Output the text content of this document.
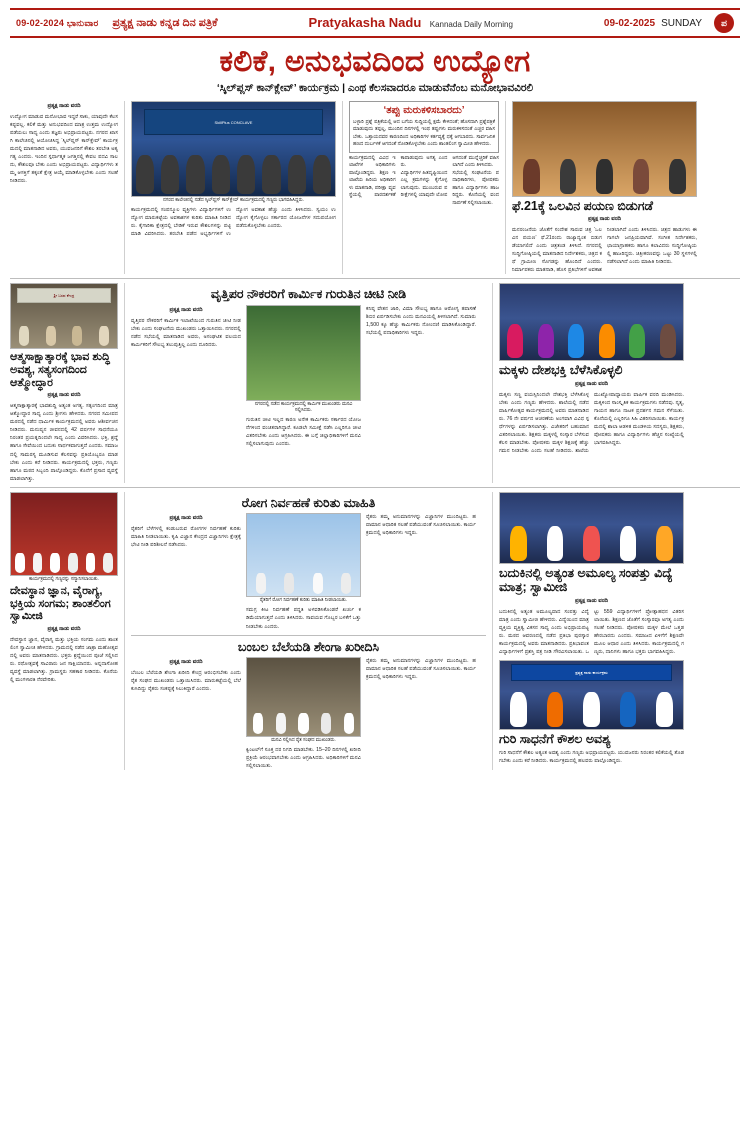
09-02-2024 ಭಾನುವಾರ ಪ್ರತ್ಯಕ್ಷ ನಾಡು ಕನ್ನಡ ದಿನ ಪತ್ರಿಕೆ	Pratyakasha Nadu Kannada Daily Morning	09-02-2025 SUNDAY	ಪ
ಕಲಿಕೆ, ಅನುಭವದಿಂದ ಉದ್ಯೋಗ
‘ಸ್ಕಿಲ್‌ಪ್ಲಸ್‌ ಕಾನ್‌ಕ್ಲೇವ್’ ಕಾರ್ಯಕ್ರಮ | ಎಂಥ ಕೆಲಸವಾದರೂ ಮಾಡುವೆನೆಂಬ ಮನೋಭಾವವಿರಲಿ
ಪ್ರತ್ಯಕ್ಷ ನಾಡು ವರದಿ
ಉದ್ಯೋಗ ಮಾಡುವ ಮನೋಭಾವ ಇದ್ದರೆ ಸಾಕು, ಯಾವುದೇ ಕೆಲಸ ಕಷ್ಟವಲ್ಲ. ಕಲಿಕೆ ಮತ್ತು ಅನುಭವದಿಂದ ಮಾತ್ರ ಉತ್ತಮ ಉದ್ಯೋಗ ಪಡೆಯಲು ಸಾಧ್ಯ ಎಂದು ತಜ್ಞರು ಅಭಿಪ್ರಾಯಪಟ್ಟರು. ನಗರದ ಖಾಸಗಿ ಕಾಲೇಜಿನಲ್ಲಿ ಆಯೋಜಿಸಿದ್ದ ‘ಸ್ಕಿಲ್‌ಪ್ಲಸ್ ಕಾನ್‌ಕ್ಲೇವ್’ ಕಾರ್ಯಕ್ರಮದಲ್ಲಿ ಮಾತನಾಡಿದ ಅವರು, ಯುವಜನರಿಗೆ ಕೌಶಲ ತರಬೇತಿ ಅತ್ಯಗತ್ಯ ಎಂದರು. ಇಂದಿನ ಸ್ಪರ್ಧಾತ್ಮಕ ಜಗತ್ತಿನಲ್ಲಿ ಕೇವಲ ಪದವಿ ಸಾಲದು, ಕೌಶಲವೂ ಬೇಕು ಎಂದು ಅಭಿಪ್ರಾಯಪಟ್ಟರು. ವಿದ್ಯಾರ್ಥಿಗಳು ತಮ್ಮ ಆಸಕ್ತಿಗೆ ತಕ್ಕಂತೆ ಕ್ಷೇತ್ರ ಆಯ್ಕೆ ಮಾಡಿಕೊಳ್ಳಬೇಕು ಎಂದು ಸಲಹೆ ನೀಡಿದರು.
SkillPlus CONCLAVE
ನಗರದ ಕಾಲೇಜಿನಲ್ಲಿ ನಡೆದ ಸ್ಕಿಲ್‌ಪ್ಲಸ್ ಕಾನ್‌ಕ್ಲೇವ್ ಕಾರ್ಯಕ್ರಮದಲ್ಲಿ ಗಣ್ಯರು ಭಾಗವಹಿಸಿದ್ದರು.
ಕಾರ್ಯಕ್ರಮದಲ್ಲಿ ಸಂಪನ್ಮೂಲ ವ್ಯಕ್ತಿಗಳು ವಿದ್ಯಾರ್ಥಿಗಳಿಗೆ ಉದ್ಯೋಗ ಮಾರುಕಟ್ಟೆಯ ಅವಕಾಶಗಳ ಕುರಿತು ಮಾಹಿತಿ ನೀಡಿದರು. ಕೈಗಾರಿಕಾ ಕ್ಷೇತ್ರದಲ್ಲಿ ಬೇಡಿಕೆ ಇರುವ ಕೌಶಲಗಳನ್ನು ಪಟ್ಟಿ ಮಾಡಿ ವಿವರಿಸಿದರು. ತರಬೇತಿ ಪಡೆದ ಅಭ್ಯರ್ಥಿಗಳಿಗೆ ಉದ್ಯೋಗ ಅವಕಾಶ ಹೆಚ್ಚು ಎಂದು ತಿಳಿಸಿದರು. ಸ್ವಯಂ ಉದ್ಯೋಗ ಕೈಗೊಳ್ಳಲು ಸರ್ಕಾರದ ಯೋಜನೆಗಳ ಸದುಪಯೋಗ ಪಡೆದುಕೊಳ್ಳಬೇಕು ಎಂದರು.
‘ತಪ್ಪು ಮರುಕಳಿಸಬಾರದು’
ಬಳ್ಳಾರಿ ಪ್ರಶ್ನೆ ಪತ್ರಿಕೆಯಲ್ಲಿ ಆದ ಬಗೆಯ ಸುದ್ದಿಯಲ್ಲಿ ಕ್ಷಮೆ ಕೇಳಿದಂತೆ; ಹೊಸದಾಗಿ ಪ್ರಶ್ನೆಪತ್ರಿಕೆ ಮಾಡುವುದು ತಪ್ಪಲ್ಲ, ಮುಂದಿನ ದಿನಗಳಲ್ಲಿ ಇಂಥ ತಪ್ಪುಗಳು ಮರುಕಳಿಸದಂತೆ ಎಚ್ಚರ ವಹಿಸಬೇಕು. ಒತ್ತಾಯದವರ ಕಾರಣದಿಂದ ಅಧಿಕಾರಿಗಳ ಕರ್ತವ್ಯಕ್ಕೆ ಧಕ್ಕೆ ಆಗಬಾರದು. ಸಾರ್ವಜನಿಕ ಹಣದ ದುರ್ಬಳಕೆ ಆಗದಂತೆ ನೋಡಿಕೊಳ್ಳಬೇಕು ಎಂದು ಶಾಂತಲಿಂಗ ಸ್ವಾಮೀಜಿ ಹೇಳಿದರು.
ಕಾರ್ಯಕ್ರಮದಲ್ಲಿ ವಿವಿಧ ಇಲಾಖೆಗಳ ಅಧಿಕಾರಿಗಳು ಪಾಲ್ಗೊಂಡಿದ್ದರು. ಶಿಕ್ಷಣ ಇಲಾಖೆಯ ಹಿರಿಯ ಅಧಿಕಾರಿಗಳು ಮಾತನಾಡಿ, ಪರೀಕ್ಷಾ ವ್ಯವಸ್ಥೆಯಲ್ಲಿ ಪಾರದರ್ಶಕತೆ ಕಾಪಾಡುವುದು ಅಗತ್ಯ ಎಂದರು.
ವಿದ್ಯಾರ್ಥಿಗಳ ಹಿತದೃಷ್ಟಿಯಿಂದ ಎಲ್ಲ ಕ್ರಮಗಳನ್ನು ಕೈಗೊಳ್ಳಲಾಗುವುದು. ಮುಂಬರುವ ಪರೀಕ್ಷೆಗಳಲ್ಲಿ ಯಾವುದೇ ಲೋಪ ಆಗದಂತೆ ಮುನ್ನೆಚ್ಚರಿಕೆ ವಹಿಸಲಾಗಿದೆ ಎಂದು ತಿಳಿಸಿದರು.
ಸಭೆಯಲ್ಲಿ ಸಂಘಟನೆಯ ಪದಾಧಿಕಾರಿಗಳು, ಪೋಷಕರು ಹಾಗೂ ವಿದ್ಯಾರ್ಥಿಗಳು ಹಾಜರಿದ್ದರು. ಕೊನೆಯಲ್ಲಿ ವಂದನಾರ್ಪಣೆ ಸಲ್ಲಿಸಲಾಯಿತು.	ಫೆ.21ಕ್ಕೆ ಒಲವಿನ ಪಯಣ ಬಿಡುಗಡೆ
ಪ್ರತ್ಯಕ್ಷ ನಾಡು ವರದಿ
ಮನರಂಜನೆಯ ಜೊತೆಗೆ ಸಂದೇಶ ಸಾರುವ ಚಿತ್ರ ‘ಒಲವಿನ ಪಯಣ’ ಫೆ.21ರಂದು ರಾಜ್ಯಾದ್ಯಂತ ಬಿಡುಗಡೆಯಾಗಲಿದೆ ಎಂದು ಚಿತ್ರತಂಡ ತಿಳಿಸಿದೆ. ನಗರದಲ್ಲಿ ಸುದ್ದಿಗೋಷ್ಠಿಯಲ್ಲಿ ಮಾತನಾಡಿದ ನಿರ್ದೇಶಕರು, ಚಿತ್ರದ ಕಥೆ ಗ್ರಾಮೀಣ ಸೊಗಡನ್ನು ಹೊಂದಿದೆ ಎಂದರು. ನಿರ್ಮಾಪಕರು ಮಾತನಾಡಿ, ಹೊಸ ಪ್ರತಿಭೆಗಳಿಗೆ ಅವಕಾಶ ನೀಡಲಾಗಿದೆ ಎಂದು ತಿಳಿಸಿದರು. ಚಿತ್ರದ ಹಾಡುಗಳು ಈಗಾಗಲೇ ಜನಪ್ರಿಯವಾಗಿವೆ. ಸಂಗೀತ ನಿರ್ದೇಶಕರು, ಛಾಯಾಗ್ರಾಹಕರು ಹಾಗೂ ಕಲಾವಿದರು ಸುದ್ದಿಗೋಷ್ಠಿಯಲ್ಲಿ ಹಾಜರಿದ್ದರು. ಚಿತ್ರೀಕರಣವನ್ನು ಒಟ್ಟು 30 ಸ್ಥಳಗಳಲ್ಲಿ ನಡೆಸಲಾಗಿದೆ ಎಂದು ಮಾಹಿತಿ ನೀಡಿದರು.
ಶ್ರೀ ಬಸವ ಕೇಂದ್ರ
ಆತ್ಮಸಾಕ್ಷಾತ್ಕಾರಕ್ಕೆ ಭಾವ ಶುದ್ಧಿ ಅವಶ್ಯ, ಸತ್ಯಸಂಗದಿಂದ ಆತ್ಮೋದ್ಧಾರ
ಪ್ರತ್ಯಕ್ಷ ನಾಡು ವರದಿ
ಆತ್ಮಸಾಕ್ಷಾತ್ಕಾರಕ್ಕೆ ಭಾವಶುದ್ಧಿ ಅತ್ಯಂತ ಅಗತ್ಯ. ಸತ್ಸಂಗದಿಂದ ಮಾತ್ರ ಆತ್ಮೋದ್ಧಾರ ಸಾಧ್ಯ ಎಂದು ಶ್ರೀಗಳು ಹೇಳಿದರು. ನಗರದ ಸಮೀಪದ ಮಠದಲ್ಲಿ ನಡೆದ ಧಾರ್ಮಿಕ ಕಾರ್ಯಕ್ರಮದಲ್ಲಿ ಅವರು ಆಶೀರ್ವಚನ ನೀಡಿದರು. ಮನುಷ್ಯನ ಜೀವನದಲ್ಲಿ 42 ವರ್ಷಗಳ ಸಾಧನೆಯೂ ನಿರಂತರ ಪ್ರಯತ್ನದಿಂದಲೇ ಸಾಧ್ಯ ಎಂದು ವಿವರಿಸಿದರು. ಭಕ್ತಿ, ಶ್ರದ್ಧೆ ಹಾಗೂ ಸೇವೆಯಿಂದ ಬದುಕು ಸಾರ್ಥಕವಾಗುತ್ತದೆ ಎಂದರು. ಸಮಾಜದಲ್ಲಿ ಸಾಮರಸ್ಯ ಮೂಡಿಸುವ ಕೆಲಸವನ್ನು ಪ್ರತಿಯೊಬ್ಬರೂ ಮಾಡಬೇಕು ಎಂದು ಕರೆ ನೀಡಿದರು. ಕಾರ್ಯಕ್ರಮದಲ್ಲಿ ಭಕ್ತರು, ಗಣ್ಯರು ಹಾಗೂ ಮಠದ ಸಿಬ್ಬಂದಿ ಪಾಲ್ಗೊಂಡಿದ್ದರು. ಕೊನೆಗೆ ಪ್ರಸಾದ ವ್ಯವಸ್ಥೆ ಮಾಡಲಾಗಿತ್ತು.
ವೃತ್ತಿಪರ ನೌಕರರಿಗೆ ಕಾರ್ಮಿಕ ಗುರುತಿನ ಚೀಟಿ ನೀಡಿ
ಪ್ರತ್ಯಕ್ಷ ನಾಡು ವರದಿ
ವೃತ್ತಿಪರ ನೌಕರರಿಗೆ ಕಾರ್ಮಿಕ ಇಲಾಖೆಯಿಂದ ಗುರುತಿನ ಚೀಟಿ ನೀಡಬೇಕು ಎಂದು ಸಂಘಟನೆಯ ಮುಖಂಡರು ಒತ್ತಾಯಿಸಿದರು. ನಗರದಲ್ಲಿ ನಡೆದ ಸಭೆಯಲ್ಲಿ ಮಾತನಾಡಿದ ಅವರು, ಅಸಂಘಟಿತ ವಲಯದ ಕಾರ್ಮಿಕರಿಗೆ ಸೌಲಭ್ಯ ತಲುಪುತ್ತಿಲ್ಲ ಎಂದು ದೂರಿದರು.
ನಗರದಲ್ಲಿ ನಡೆದ ಕಾರ್ಯಕ್ರಮದಲ್ಲಿ ಕಾರ್ಮಿಕ ಮುಖಂಡರು ಮನವಿ ಸಲ್ಲಿಸಿದರು.
ಗುರುತಿನ ಚೀಟಿ ಇಲ್ಲದ ಕಾರಣ ಅನೇಕ ಕಾರ್ಮಿಕರು ಸರ್ಕಾರದ ಯೋಜನೆಗಳಿಂದ ವಂಚಿತರಾಗಿದ್ದಾರೆ. ಕೂಡಲೇ ಸಮೀಕ್ಷೆ ನಡೆಸಿ ಎಲ್ಲರಿಗೂ ಚೀಟಿ ವಿತರಿಸಬೇಕು ಎಂದು ಆಗ್ರಹಿಸಿದರು. ಈ ಬಗ್ಗೆ ಜಿಲ್ಲಾಧಿಕಾರಿಗಳಿಗೆ ಮನವಿ ಸಲ್ಲಿಸಲಾಗುವುದು ಎಂದರು.
ಕನಿಷ್ಠ ವೇತನ ಜಾರಿ, ವಿಮಾ ಸೌಲಭ್ಯ ಹಾಗೂ ಆರೋಗ್ಯ ತಪಾಸಣೆ ಶಿಬಿರ ಏರ್ಪಡಿಸಬೇಕು ಎಂದು ಮನವಿಯಲ್ಲಿ ತಿಳಿಸಲಾಗಿದೆ. ಸುಮಾರು 1,500 ಕ್ಕೂ ಹೆಚ್ಚು ಕಾರ್ಮಿಕರು ನೋಂದಣಿ ಮಾಡಿಸಿಕೊಂಡಿದ್ದಾರೆ. ಸಭೆಯಲ್ಲಿ ಪದಾಧಿಕಾರಿಗಳು ಇದ್ದರು.
ಮಕ್ಕಳು ದೇಶಭಕ್ತಿ ಬೆಳೆಸಿಕೊಳ್ಳಲಿ
ಪ್ರತ್ಯಕ್ಷ ನಾಡು ವರದಿ
ಮಕ್ಕಳು ಸಣ್ಣ ವಯಸ್ಸಿನಿಂದಲೇ ದೇಶಭಕ್ತಿ ಬೆಳೆಸಿಕೊಳ್ಳಬೇಕು ಎಂದು ಗಣ್ಯರು ಹೇಳಿದರು. ಶಾಲೆಯಲ್ಲಿ ನಡೆದ ವಾರ್ಷಿಕೋತ್ಸವ ಕಾರ್ಯಕ್ರಮದಲ್ಲಿ ಅವರು ಮಾತನಾಡಿದರು. 76 ನೇ ವರ್ಷದ ಆಚರಣೆಯ ಅಂಗವಾಗಿ ವಿವಿಧ ಸ್ಪರ್ಧೆಗಳನ್ನು ಏರ್ಪಡಿಸಲಾಗಿತ್ತು. ವಿಜೇತರಿಗೆ ಬಹುಮಾನ ವಿತರಿಸಲಾಯಿತು. ಶಿಕ್ಷಕರು ಮಕ್ಕಳಲ್ಲಿ ಸಂಸ್ಕಾರ ಬೆಳೆಸುವ ಕೆಲಸ ಮಾಡಬೇಕು. ಪೋಷಕರು ಮಕ್ಕಳ ಶಿಕ್ಷಣಕ್ಕೆ ಹೆಚ್ಚು ಗಮನ ನೀಡಬೇಕು ಎಂದು ಸಲಹೆ ನೀಡಿದರು. ಶಾಲೆಯ ಮುಖ್ಯೋಪಾಧ್ಯಾಯರು ವಾರ್ಷಿಕ ವರದಿ ಮಂಡಿಸಿದರು. ಮಕ್ಕಳಿಂದ ಸಾಂಸ್ಕೃತಿಕ ಕಾರ್ಯಕ್ರಮಗಳು ನಡೆದವು. ನೃತ್ಯ, ಗಾಯನ ಹಾಗೂ ನಾಟಕ ಪ್ರದರ್ಶನ ಗಮನ ಸೆಳೆಯಿತು. ಕೊನೆಯಲ್ಲಿ ಎಲ್ಲರಿಗೂ ಸಿಹಿ ವಿತರಿಸಲಾಯಿತು. ಕಾರ್ಯಕ್ರಮದಲ್ಲಿ ಶಾಲಾ ಆಡಳಿತ ಮಂಡಳಿಯ ಸದಸ್ಯರು, ಶಿಕ್ಷಕರು, ಪೋಷಕರು ಹಾಗೂ ವಿದ್ಯಾರ್ಥಿಗಳು ಹೆಚ್ಚಿನ ಸಂಖ್ಯೆಯಲ್ಲಿ ಭಾಗವಹಿಸಿದ್ದರು.
ಕಾರ್ಯಕ್ರಮದಲ್ಲಿ ಗಣ್ಯರನ್ನು ಸನ್ಮಾನಿಸಲಾಯಿತು.
ದೇವಸ್ಥಾನ ಜ್ಞಾನ, ವೈರಾಗ್ಯ, ಭಕ್ತಿಯ ಸಂಗಮ; ಶಾಂತಲಿಂಗ ಸ್ವಾಮೀಜಿ
ಪ್ರತ್ಯಕ್ಷ ನಾಡು ವರದಿ
ದೇವಸ್ಥಾನ ಜ್ಞಾನ, ವೈರಾಗ್ಯ ಮತ್ತು ಭಕ್ತಿಯ ಸಂಗಮ ಎಂದು ಶಾಂತಲಿಂಗ ಸ್ವಾಮೀಜಿ ಹೇಳಿದರು. ಗ್ರಾಮದಲ್ಲಿ ನಡೆದ ಜಾತ್ರಾ ಮಹೋತ್ಸವದಲ್ಲಿ ಅವರು ಮಾತನಾಡಿದರು. ಭಕ್ತರು ಶ್ರದ್ಧೆಯಿಂದ ಪೂಜೆ ಸಲ್ಲಿಸಿದರು. ರಥೋತ್ಸವಕ್ಕೆ ಸಾವಿರಾರು ಜನ ಸಾಕ್ಷಿಯಾದರು. ಅನ್ನದಾಸೋಹ ವ್ಯವಸ್ಥೆ ಮಾಡಲಾಗಿತ್ತು. ಗ್ರಾಮಸ್ಥರು ಸಹಕಾರ ನೀಡಿದರು. ಕೊನೆಯಲ್ಲಿ ಮಂಗಳಾರತಿ ನೆರವೇರಿತು.
ರೋಗ ನಿರ್ವಹಣೆ ಕುರಿತು ಮಾಹಿತಿ
ಪ್ರತ್ಯಕ್ಷ ನಾಡು ವರದಿ
ರೈತರಿಗೆ ಬೆಳೆಗಳಲ್ಲಿ ಕಂಡುಬರುವ ರೋಗಗಳ ನಿರ್ವಹಣೆ ಕುರಿತು ಮಾಹಿತಿ ನೀಡಲಾಯಿತು. ಕೃಷಿ ವಿಜ್ಞಾನ ಕೇಂದ್ರದ ವಿಜ್ಞಾನಿಗಳು ಕ್ಷೇತ್ರಕ್ಕೆ ಭೇಟಿ ನೀಡಿ ಪರಿಶೀಲನೆ ನಡೆಸಿದರು.
ರೈತರಿಗೆ ರೋಗ ನಿರ್ವಹಣೆ ಕುರಿತು ಮಾಹಿತಿ ನೀಡಲಾಯಿತು.
ಸಮಗ್ರ ಕೀಟ ನಿರ್ವಹಣೆ ಪದ್ಧತಿ ಅಳವಡಿಸಿಕೊಂಡರೆ ಖರ್ಚು ಕಡಿಮೆಯಾಗುತ್ತದೆ ಎಂದು ತಿಳಿಸಿದರು. ಸಾವಯವ ಗೊಬ್ಬರ ಬಳಕೆಗೆ ಒತ್ತು ನೀಡಬೇಕು ಎಂದರು.
ರೈತರು ತಮ್ಮ ಅನುಮಾನಗಳನ್ನು ವಿಜ್ಞಾನಿಗಳ ಮುಂದಿಟ್ಟರು. ಹವಾಮಾನ ಆಧಾರಿತ ಸಲಹೆ ಪಡೆಯುವಂತೆ ಸೂಚಿಸಲಾಯಿತು. ಕಾರ್ಯಕ್ರಮದಲ್ಲಿ ಅಧಿಕಾರಿಗಳು ಇದ್ದರು.
ಬಂಬಲ ಬೆಲೆಯಡಿ ಶೇಂಗಾ ಖರೀದಿಸಿ
ಪ್ರತ್ಯಕ್ಷ ನಾಡು ವರದಿ
ಬೆಂಬಲ ಬೆಲೆಯಡಿ ಶೇಂಗಾ ಖರೀದಿ ಕೇಂದ್ರ ಆರಂಭಿಸಬೇಕು ಎಂದು ರೈತ ಸಂಘದ ಮುಖಂಡರು ಒತ್ತಾಯಿಸಿದರು. ಮಾರುಕಟ್ಟೆಯಲ್ಲಿ ಬೆಲೆ ಕುಸಿದಿದ್ದು ರೈತರು ಸಂಕಷ್ಟಕ್ಕೆ ಸಿಲುಕಿದ್ದಾರೆ ಎಂದರು.
ಮನವಿ ಸಲ್ಲಿಸಿದ ರೈತ ಸಂಘದ ಮುಖಂಡರು.
ಕ್ವಿಂಟಲ್‌ಗೆ ಸೂಕ್ತ ದರ ನಿಗದಿ ಮಾಡಬೇಕು. 15–20 ದಿನಗಳಲ್ಲಿ ಖರೀದಿ ಪ್ರಕ್ರಿಯೆ ಆರಂಭವಾಗಬೇಕು ಎಂದು ಆಗ್ರಹಿಸಿದರು. ಅಧಿಕಾರಿಗಳಿಗೆ ಮನವಿ ಸಲ್ಲಿಸಲಾಯಿತು.
ರೈತರು ತಮ್ಮ ಅನುಮಾನಗಳನ್ನು ವಿಜ್ಞಾನಿಗಳ ಮುಂದಿಟ್ಟರು. ಹವಾಮಾನ ಆಧಾರಿತ ಸಲಹೆ ಪಡೆಯುವಂತೆ ಸೂಚಿಸಲಾಯಿತು. ಕಾರ್ಯಕ್ರಮದಲ್ಲಿ ಅಧಿಕಾರಿಗಳು ಇದ್ದರು.
ಬದುಕಿನಲ್ಲಿ ಅತ್ಯಂತ ಅಮೂಲ್ಯ ಸಂಪತ್ತು ವಿದ್ಯೆ ಮಾತ್ರ; ಸ್ವಾಮೀಜಿ
ಪ್ರತ್ಯಕ್ಷ ನಾಡು ವರದಿ
ಬದುಕಿನಲ್ಲಿ ಅತ್ಯಂತ ಅಮೂಲ್ಯವಾದ ಸಂಪತ್ತು ವಿದ್ಯೆ ಮಾತ್ರ ಎಂದು ಸ್ವಾಮೀಜಿ ಹೇಳಿದರು. ವಿದ್ಯೆಯಿಂದ ಮಾತ್ರ ವ್ಯಕ್ತಿಯ ವ್ಯಕ್ತಿತ್ವ ವಿಕಸನ ಸಾಧ್ಯ ಎಂದು ಅಭಿಪ್ರಾಯಪಟ್ಟರು. ಮಠದ ಆವರಣದಲ್ಲಿ ನಡೆದ ಪ್ರತಿಭಾ ಪುರಸ್ಕಾರ ಕಾರ್ಯಕ್ರಮದಲ್ಲಿ ಅವರು ಮಾತನಾಡಿದರು. ಪ್ರತಿಭಾವಂತ ವಿದ್ಯಾರ್ಥಿಗಳಿಗೆ ಪ್ರಶಸ್ತಿ ಪತ್ರ ನೀಡಿ ಗೌರವಿಸಲಾಯಿತು. ಒಟ್ಟು 559 ವಿದ್ಯಾರ್ಥಿಗಳಿಗೆ ಪ್ರೋತ್ಸಾಹಧನ ವಿತರಿಸಲಾಯಿತು. ಶಿಕ್ಷಣದ ಜೊತೆಗೆ ಸಂಸ್ಕಾರವೂ ಅಗತ್ಯ ಎಂದು ಸಲಹೆ ನೀಡಿದರು. ಪೋಷಕರು ಮಕ್ಕಳ ಮೇಲೆ ಒತ್ತಡ ಹೇರಬಾರದು ಎಂದರು. ಸಮಾಜದ ಏಳಿಗೆಗೆ ಶಿಕ್ಷಣವೇ ಮೂಲ ಆಧಾರ ಎಂದು ತಿಳಿಸಿದರು. ಕಾರ್ಯಕ್ರಮದಲ್ಲಿ ಗಣ್ಯರು, ದಾನಿಗಳು ಹಾಗೂ ಭಕ್ತರು ಭಾಗವಹಿಸಿದ್ದರು.
ಪ್ರತ್ಯಕ್ಷ ನಾಡು ಕಾರ್ಯಕ್ರಮ
ಗುರಿ ಸಾಧನೆಗೆ ಕೌಶಲ ಅವಶ್ಯ
ಗುರಿ ಸಾಧನೆಗೆ ಕೌಶಲ ಅತ್ಯಂತ ಅವಶ್ಯ ಎಂದು ಗಣ್ಯರು ಅಭಿಪ್ರಾಯಪಟ್ಟರು. ಯುವಜನರು ನಿರಂತರ ಕಲಿಕೆಯಲ್ಲಿ ತೊಡಗಬೇಕು ಎಂದು ಕರೆ ನೀಡಿದರು. ಕಾರ್ಯಕ್ರಮದಲ್ಲಿ ಹಲವರು ಪಾಲ್ಗೊಂಡಿದ್ದರು.
